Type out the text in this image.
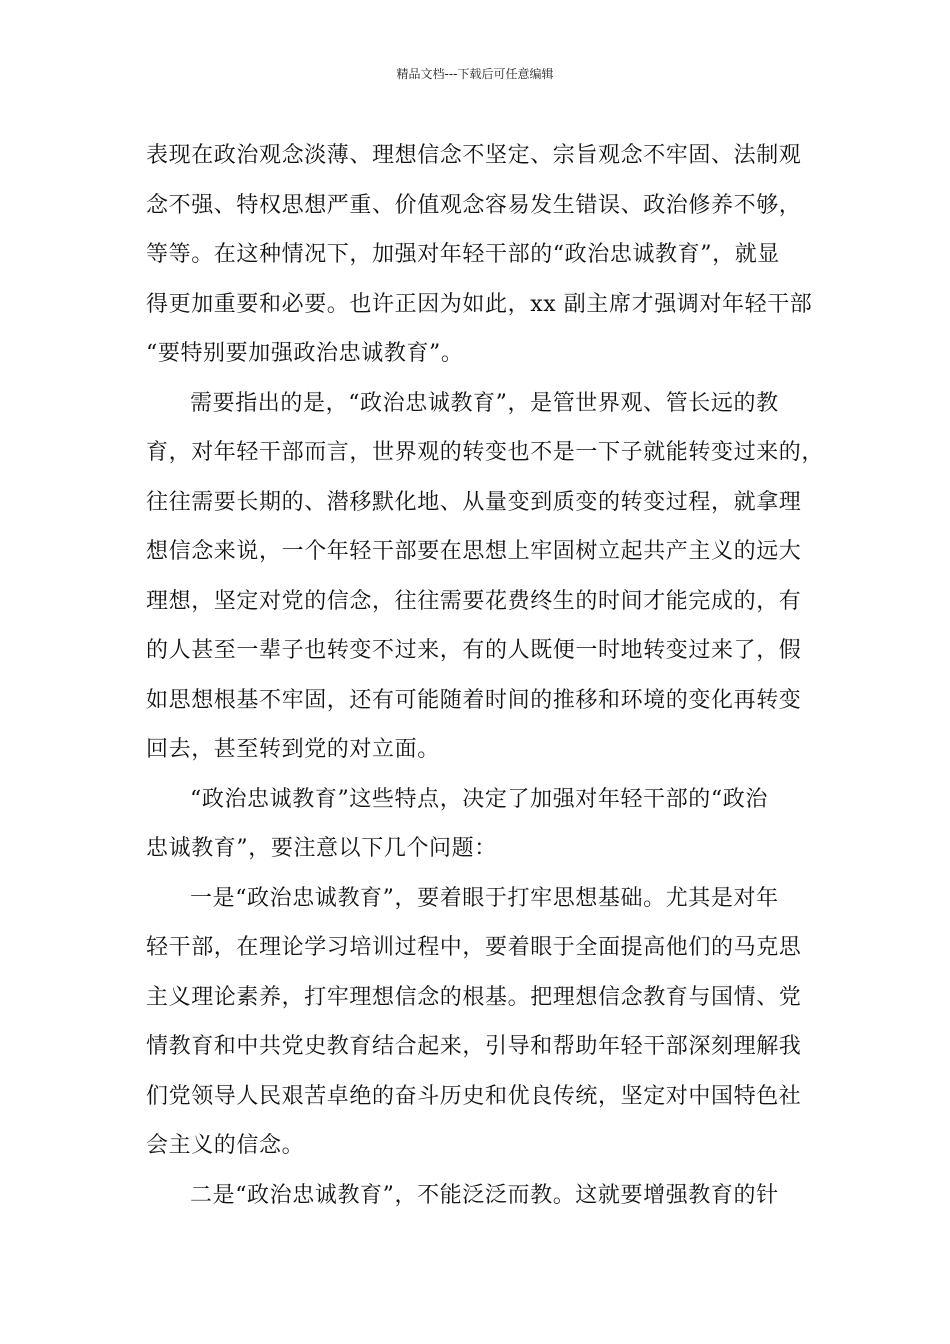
精品文档---下载后可任意编辑
表现在政治观念淡薄、理想信念不坚定、宗旨观念不牢固、法制观
念不强、特权思想严重、价值观念容易发生错误、政治修养不够，
等等。在这种情况下，加强对年轻干部的“政治忠诚教育”，就显
得更加重要和必要。也许正因为如此，xx 副主席才强调对年轻干部
“要特别要加强政治忠诚教育”。
需要指出的是，“政治忠诚教育”，是管世界观、管长远的教
育，对年轻干部而言，世界观的转变也不是一下子就能转变过来的，
往往需要长期的、潜移默化地、从量变到质变的转变过程，就拿理
想信念来说，一个年轻干部要在思想上牢固树立起共产主义的远大
理想，坚定对党的信念，往往需要花费终生的时间才能完成的，有
的人甚至一辈子也转变不过来，有的人既便一时地转变过来了，假
如思想根基不牢固，还有可能随着时间的推移和环境的变化再转变
回去，甚至转到党的对立面。
“政治忠诚教育”这些特点，决定了加强对年轻干部的“政治
忠诚教育”，要注意以下几个问题：
一是“政治忠诚教育”，要着眼于打牢思想基础。尤其是对年
轻干部，在理论学习培训过程中，要着眼于全面提高他们的马克思
主义理论素养，打牢理想信念的根基。把理想信念教育与国情、党
情教育和中共党史教育结合起来，引导和帮助年轻干部深刻理解我
们党领导人民艰苦卓绝的奋斗历史和优良传统，坚定对中国特色社
会主义的信念。
二是“政治忠诚教育”，不能泛泛而教。这就要增强教育的针
